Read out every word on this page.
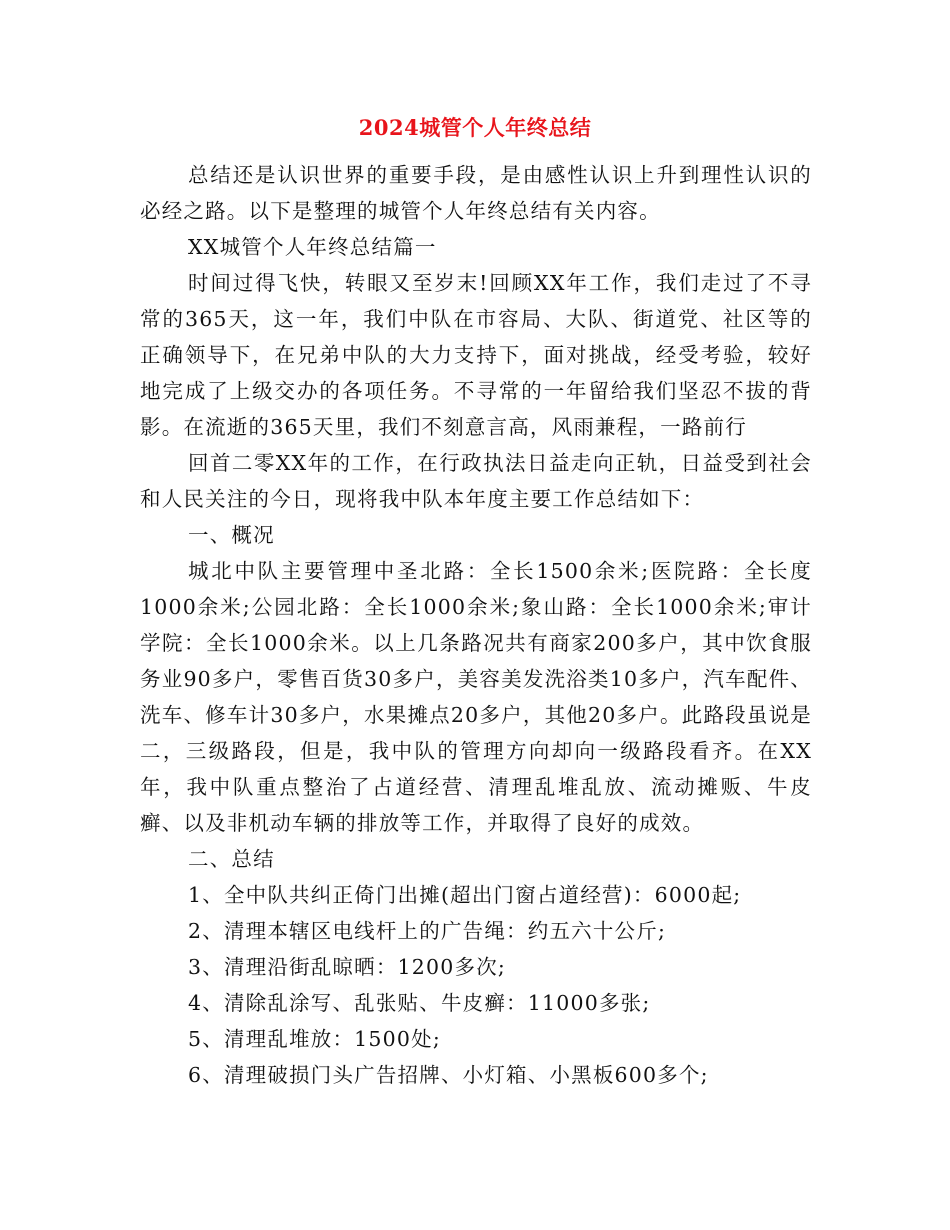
2024城管个人年终总结

总结还是认识世界的重要手段，是由感性认识上升到理性认识的必经之路。以下是整理的城管个人年终总结有关内容。

XX城管个人年终总结篇一

时间过得飞快，转眼又至岁末!回顾XX年工作，我们走过了不寻常的365天，这一年，我们中队在市容局、大队、街道党、社区等的正确领导下，在兄弟中队的大力支持下，面对挑战，经受考验，较好地完成了上级交办的各项任务。不寻常的一年留给我们坚忍不拔的背影。在流逝的365天里，我们不刻意言高，风雨兼程，一路前行

回首二零XX年的工作，在行政执法日益走向正轨，日益受到社会和人民关注的今日，现将我中队本年度主要工作总结如下：

一、概况

城北中队主要管理中圣北路：全长1500余米;医院路：全长度1000余米;公园北路：全长1000余米;象山路：全长1000余米;审计学院：全长1000余米。以上几条路况共有商家200多户，其中饮食服务业90多户，零售百货30多户，美容美发洗浴类10多户，汽车配件、洗车、修车计30多户，水果摊点20多户，其他20多户。此路段虽说是二，三级路段，但是，我中队的管理方向却向一级路段看齐。在XX年，我中队重点整治了占道经营、清理乱堆乱放、流动摊贩、牛皮癣、以及非机动车辆的排放等工作，并取得了良好的成效。

二、总结

1、全中队共纠正倚门出摊(超出门窗占道经营)：6000起;

2、清理本辖区电线杆上的广告绳：约五六十公斤;

3、清理沿街乱晾晒：1200多次;

4、清除乱涂写、乱张贴、牛皮癣：11000多张;

5、清理乱堆放：1500处;

6、清理破损门头广告招牌、小灯箱、小黑板600多个;
